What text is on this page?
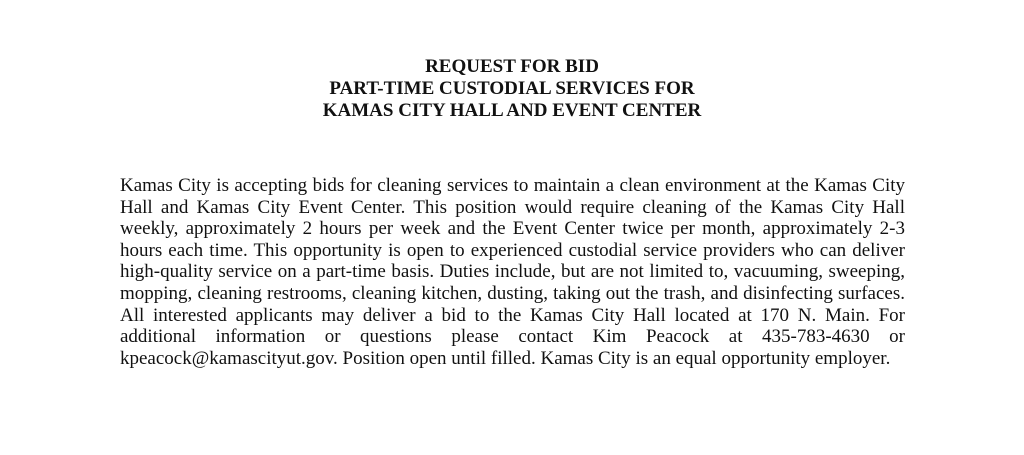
REQUEST FOR BID
PART-TIME CUSTODIAL SERVICES FOR
KAMAS CITY HALL AND EVENT CENTER

Kamas City is accepting bids for cleaning services to maintain a clean environment at the Kamas City Hall and Kamas City Event Center. This position would require cleaning of the Kamas City Hall weekly, approximately 2 hours per week and the Event Center twice per month, approximately 2-3 hours each time. This opportunity is open to experienced custodial service providers who can deliver high-quality service on a part-time basis. Duties include, but are not limited to, vacuuming, sweeping, mopping, cleaning restrooms, cleaning kitchen, dusting, taking out the trash, and disinfecting surfaces. All interested applicants may deliver a bid to the Kamas City Hall located at 170 N. Main. For additional information or questions please contact Kim Peacock at 435-783-4630 or kpeacock@kamascityut.gov. Position open until filled. Kamas City is an equal opportunity employer.
